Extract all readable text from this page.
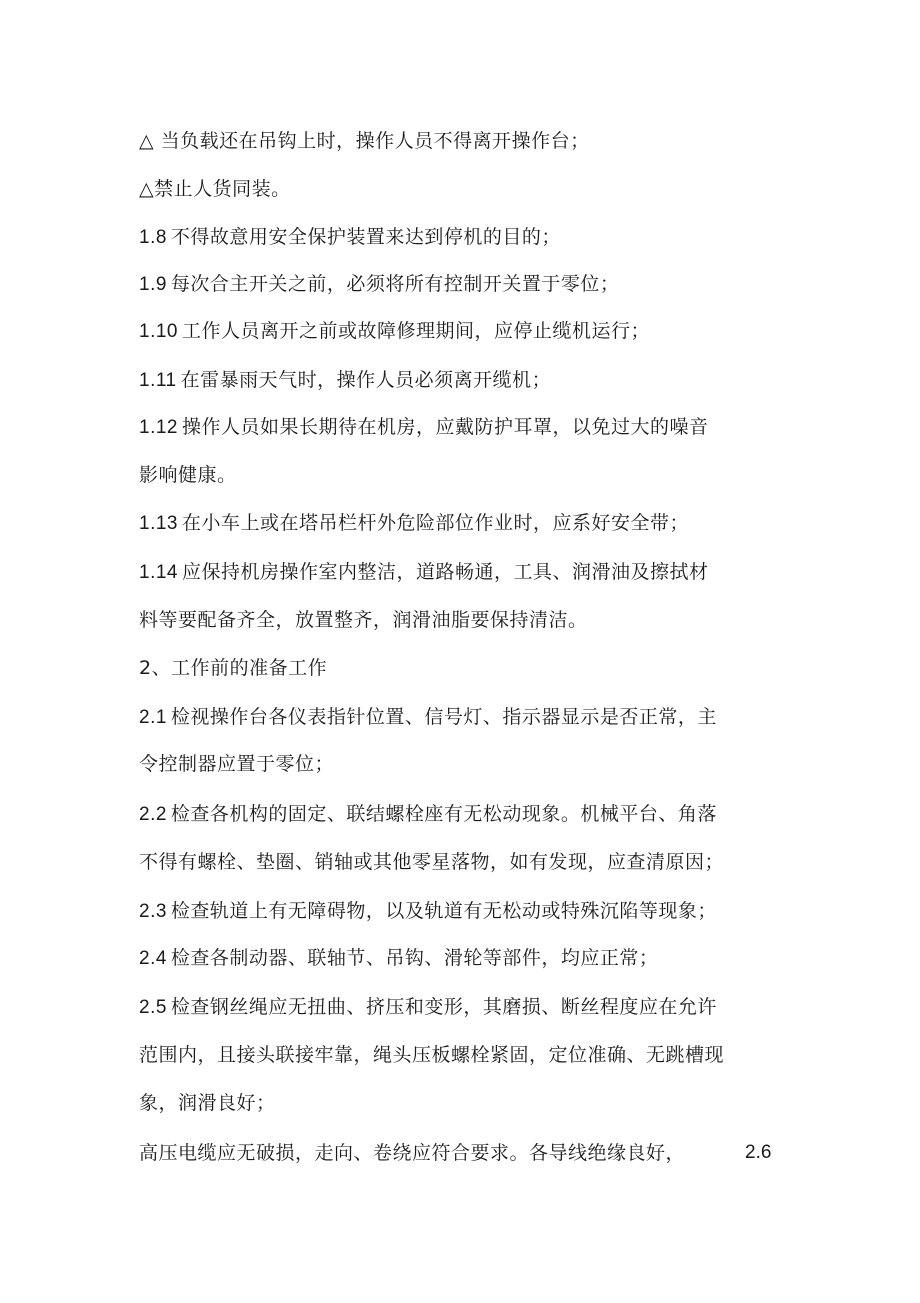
△ 当负载还在吊钩上时，操作人员不得离开操作台；
△禁止人货同装。
1.8 不得故意用安全保护装置来达到停机的目的；
1.9 每次合主开关之前，必须将所有控制开关置于零位；
1.10 工作人员离开之前或故障修理期间，应停止缆机运行；
1.11 在雷暴雨天气时，操作人员必须离开缆机；
1.12 操作人员如果长期待在机房，应戴防护耳罩，以免过大的噪音
影响健康。
1.13 在小车上或在塔吊栏杆外危险部位作业时，应系好安全带；
1.14 应保持机房操作室内整洁，道路畅通，工具、润滑油及擦拭材
料等要配备齐全，放置整齐，润滑油脂要保持清洁。
2、工作前的准备工作
2.1 检视操作台各仪表指针位置、信号灯、指示器显示是否正常，主
令控制器应置于零位；
2.2 检查各机构的固定、联结螺栓座有无松动现象。机械平台、角落
不得有螺栓、垫圈、销轴或其他零星落物，如有发现，应查清原因；
2.3 检查轨道上有无障碍物，以及轨道有无松动或特殊沉陷等现象；
2.4 检查各制动器、联轴节、吊钩、滑轮等部件，均应正常；
2.5 检查钢丝绳应无扭曲、挤压和变形，其磨损、断丝程度应在允许
范围内，且接头联接牢靠，绳头压板螺栓紧固，定位准确、无跳槽现
象，润滑良好；
高压电缆应无破损，走向、卷绕应符合要求。各导线绝缘良好，	2.6
